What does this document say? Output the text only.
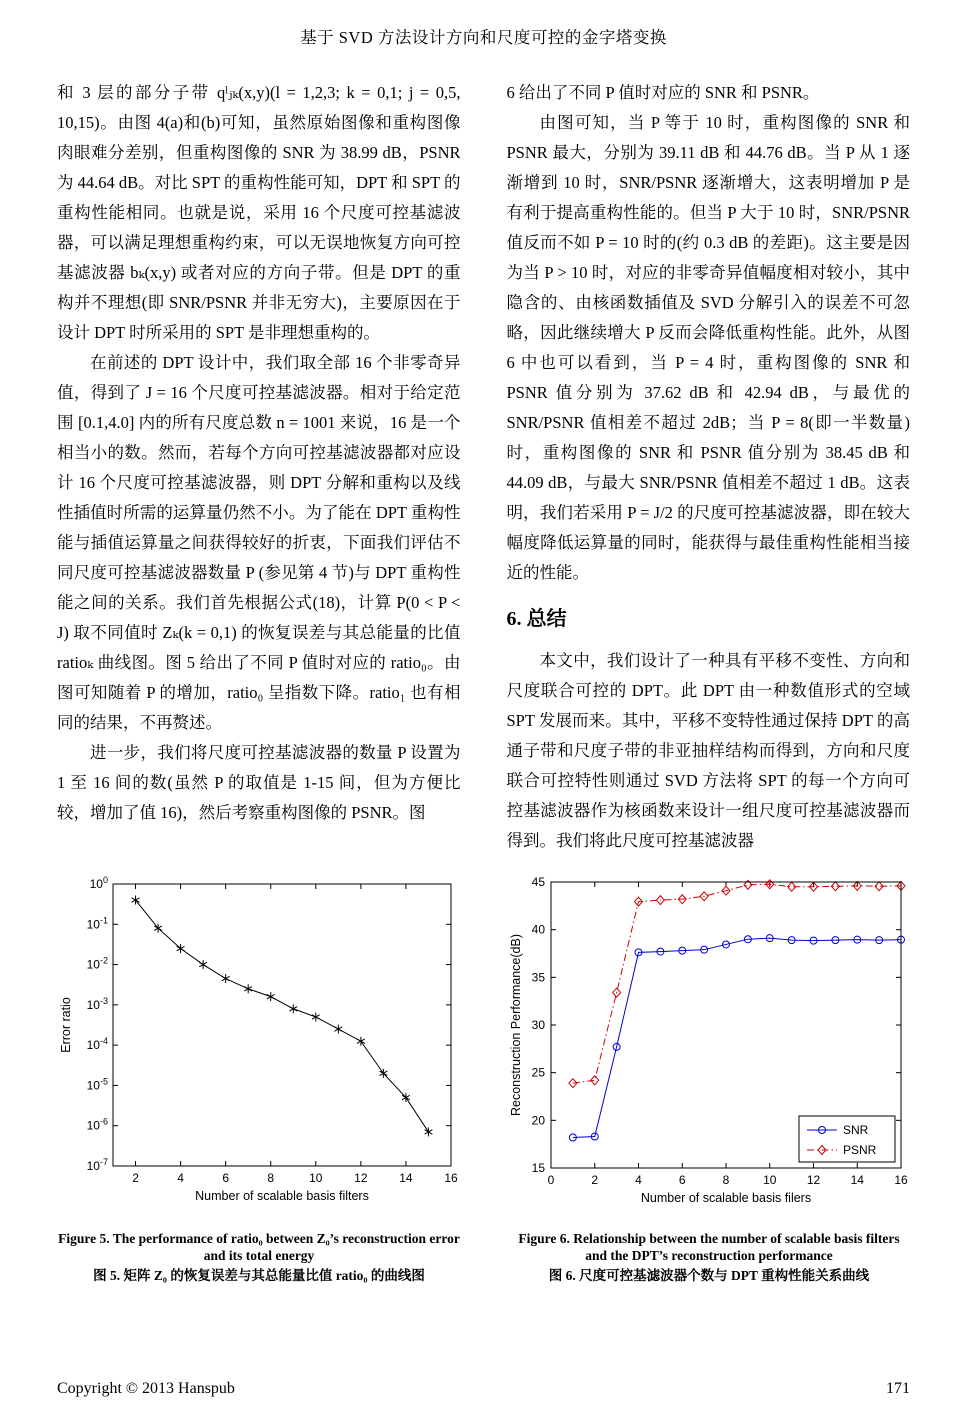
基于 SVD 方法设计方向和尺度可控的金字塔变换

和 3 层的部分子带 qˡⱼₖ(x,y)(l = 1,2,3; k = 0,1; j = 0,5, 10,15)。由图 4(a)和(b)可知，虽然原始图像和重构图像肉眼难分差别，但重构图像的 SNR 为 38.99 dB，PSNR 为 44.64 dB。对比 SPT 的重构性能可知，DPT 和 SPT 的重构性能相同。也就是说，采用 16 个尺度可控基滤波器，可以满足理想重构约束，可以无误地恢复方向可控基滤波器 bₖ(x,y) 或者对应的方向子带。但是 DPT 的重构并不理想(即 SNR/PSNR 并非无穷大)，主要原因在于设计 DPT 时所采用的 SPT 是非理想重构的。

在前述的 DPT 设计中，我们取全部 16 个非零奇异值，得到了 J = 16 个尺度可控基滤波器。相对于给定范围 [0.1,4.0] 内的所有尺度总数 n = 1001 来说，16 是一个相当小的数。然而，若每个方向可控基滤波器都对应设计 16 个尺度可控基滤波器，则 DPT 分解和重构以及线性插值时所需的运算量仍然不小。为了能在 DPT 重构性能与插值运算量之间获得较好的折衷，下面我们评估不同尺度可控基滤波器数量 P (参见第 4 节)与 DPT 重构性能之间的关系。我们首先根据公式(18)，计算 P(0 < P < J) 取不同值时 Zₖ(k = 0,1) 的恢复误差与其总能量的比值 ratioₖ 曲线图。图 5 给出了不同 P 值时对应的 ratio₀。由图可知随着 P 的增加，ratio₀ 呈指数下降。ratio₁ 也有相同的结果，不再赘述。

进一步，我们将尺度可控基滤波器的数量 P 设置为 1 至 16 间的数(虽然 P 的取值是 1-15 间，但为方便比较，增加了值 16)，然后考察重构图像的 PSNR。图

6 给出了不同 P 值时对应的 SNR 和 PSNR。

由图可知，当 P 等于 10 时，重构图像的 SNR 和 PSNR 最大，分别为 39.11 dB 和 44.76 dB。当 P 从 1 逐渐增到 10 时，SNR/PSNR 逐渐增大，这表明增加 P 是有利于提高重构性能的。但当 P 大于 10 时，SNR/PSNR 值反而不如 P = 10 时的(约 0.3 dB 的差距)。这主要是因为当 P > 10 时，对应的非零奇异值幅度相对较小，其中隐含的、由核函数插值及 SVD 分解引入的误差不可忽略，因此继续增大 P 反而会降低重构性能。此外，从图 6 中也可以看到，当 P = 4 时，重构图像的 SNR 和 PSNR 值分别为 37.62 dB 和 42.94 dB，与最优的 SNR/PSNR 值相差不超过 2dB；当 P = 8(即一半数量)时，重构图像的 SNR 和 PSNR 值分别为 38.45 dB 和 44.09 dB，与最大 SNR/PSNR 值相差不超过 1 dB。这表明，我们若采用 P = J/2 的尺度可控基滤波器，即在较大幅度降低运算量的同时，能获得与最佳重构性能相当接近的性能。

6. 总结

本文中，我们设计了一种具有平移不变性、方向和尺度联合可控的 DPT。此 DPT 由一种数值形式的空域 SPT 发展而来。其中，平移不变特性通过保持 DPT 的高通子带和尺度子带的非亚抽样结构而得到，方向和尺度联合可控特性则通过 SVD 方法将 SPT 的每一个方向可控基滤波器作为核函数来设计一组尺度可控基滤波器而得到。我们将此尺度可控基滤波器

2	4	6	8	10	12	14	16
$10^0$
$10^{-1}$
$10^{-2}$
$10^{-3}$
$10^{-4}$
$10^{-5}$
$10^{-6}$
$10^{-7}$
Number of scalable basis filters
Error ratio
Figure 5. The performance of ratio₀ between Z₀’s reconstruction error and its total energy
图 5. 矩阵 Z₀ 的恢复误差与其总能量比值 ratio₀ 的曲线图
0	2	4	6	8	10	12	14	16
15
20
25
30
35
40
45
Number of scalable basis filers
Reconstruction Performance(dB)
SNR
PSNR
Figure 6. Relationship between the number of scalable basis filters and the DPT’s reconstruction performance
图 6. 尺度可控基滤波器个数与 DPT 重构性能关系曲线
Copyright © 2013 Hanspub	171
